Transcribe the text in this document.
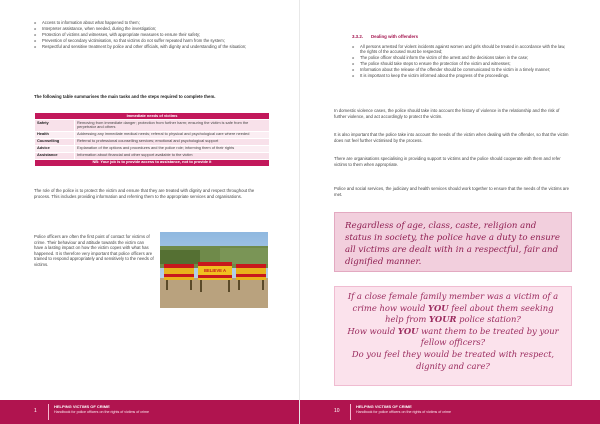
o Access to information about what happened to them;
o Interpreter assistance, when needed, during the investigation;
o Protection of victims and witnesses, with appropriate measures to ensure their safety;
o Prevention of secondary victimisation, so that victims do not suffer repeated harm from the system;
o Respectful and sensitive treatment by police and other officials, with dignity and understanding of the situation;
The following table summarises the main tasks and the steps required to complete them.
Immediate needs of victims	
Safety	Removing from immediate danger; protection from further harm; ensuring the victim is safe from the perpetrator and others
Health	Addressing any immediate medical needs; referral to physical and psychological care where needed
Counselling	Referral to professional counselling services; emotional and psychological support
Advice	Explanation of the options and procedures and the police role; informing them of their rights
Assistance	Information about financial and other support available to the victim
NB: Your job is to provide access to assistance, not to provide it	
The role of the police is to protect the victim and ensure that they are treated with dignity and respect throughout the process. This includes providing information and referring them to the appropriate services and organisations.
Police officers are often the first point of contact for victims of crime. Their behaviour and attitude towards the victim can have a lasting impact on how the victim copes with what has happened. It is therefore very important that police officers are trained to respond appropriately and sensitively to the needs of victims.
BELIEVE A
1
HELPING VICTIMS OF CRIME
Handbook for police officers on the rights of victims of crime
3.3.2. Dealing with offenders
o All persons arrested for violent incidents against women and girls should be treated in accordance with the law, the rights of the accused must be respected;
o The police officer should inform the victim of the arrest and the decisions taken in the case;
o The police should take steps to ensure the protection of the victim and witnesses;
o Information about the release of the offender should be communicated to the victim in a timely manner;
o It is important to keep the victim informed about the progress of the proceedings.
In domestic violence cases, the police should take into account the history of violence in the relationship and the risk of further violence, and act accordingly to protect the victim.
It is also important that the police take into account the needs of the victim when dealing with the offender, so that the victim does not feel further victimised by the process.
There are organisations specialising in providing support to victims and the police should cooperate with them and refer victims to them when appropriate.
Police and social services, the judiciary and health services should work together to ensure that the needs of the victims are met.

Regardless of age, class, caste, religion and status in society, the police have a duty to ensure all victims are dealt with in a respectful, fair and dignified manner.

If a close female family member was a victim of a crime how would YOU feel about them seeking help from YOUR police station?

How would YOU want them to be treated by your fellow officers?

Do you feel they would be treated with respect, dignity and care?

10
HELPING VICTIMS OF CRIME
Handbook for police officers on the rights of victims of crime
